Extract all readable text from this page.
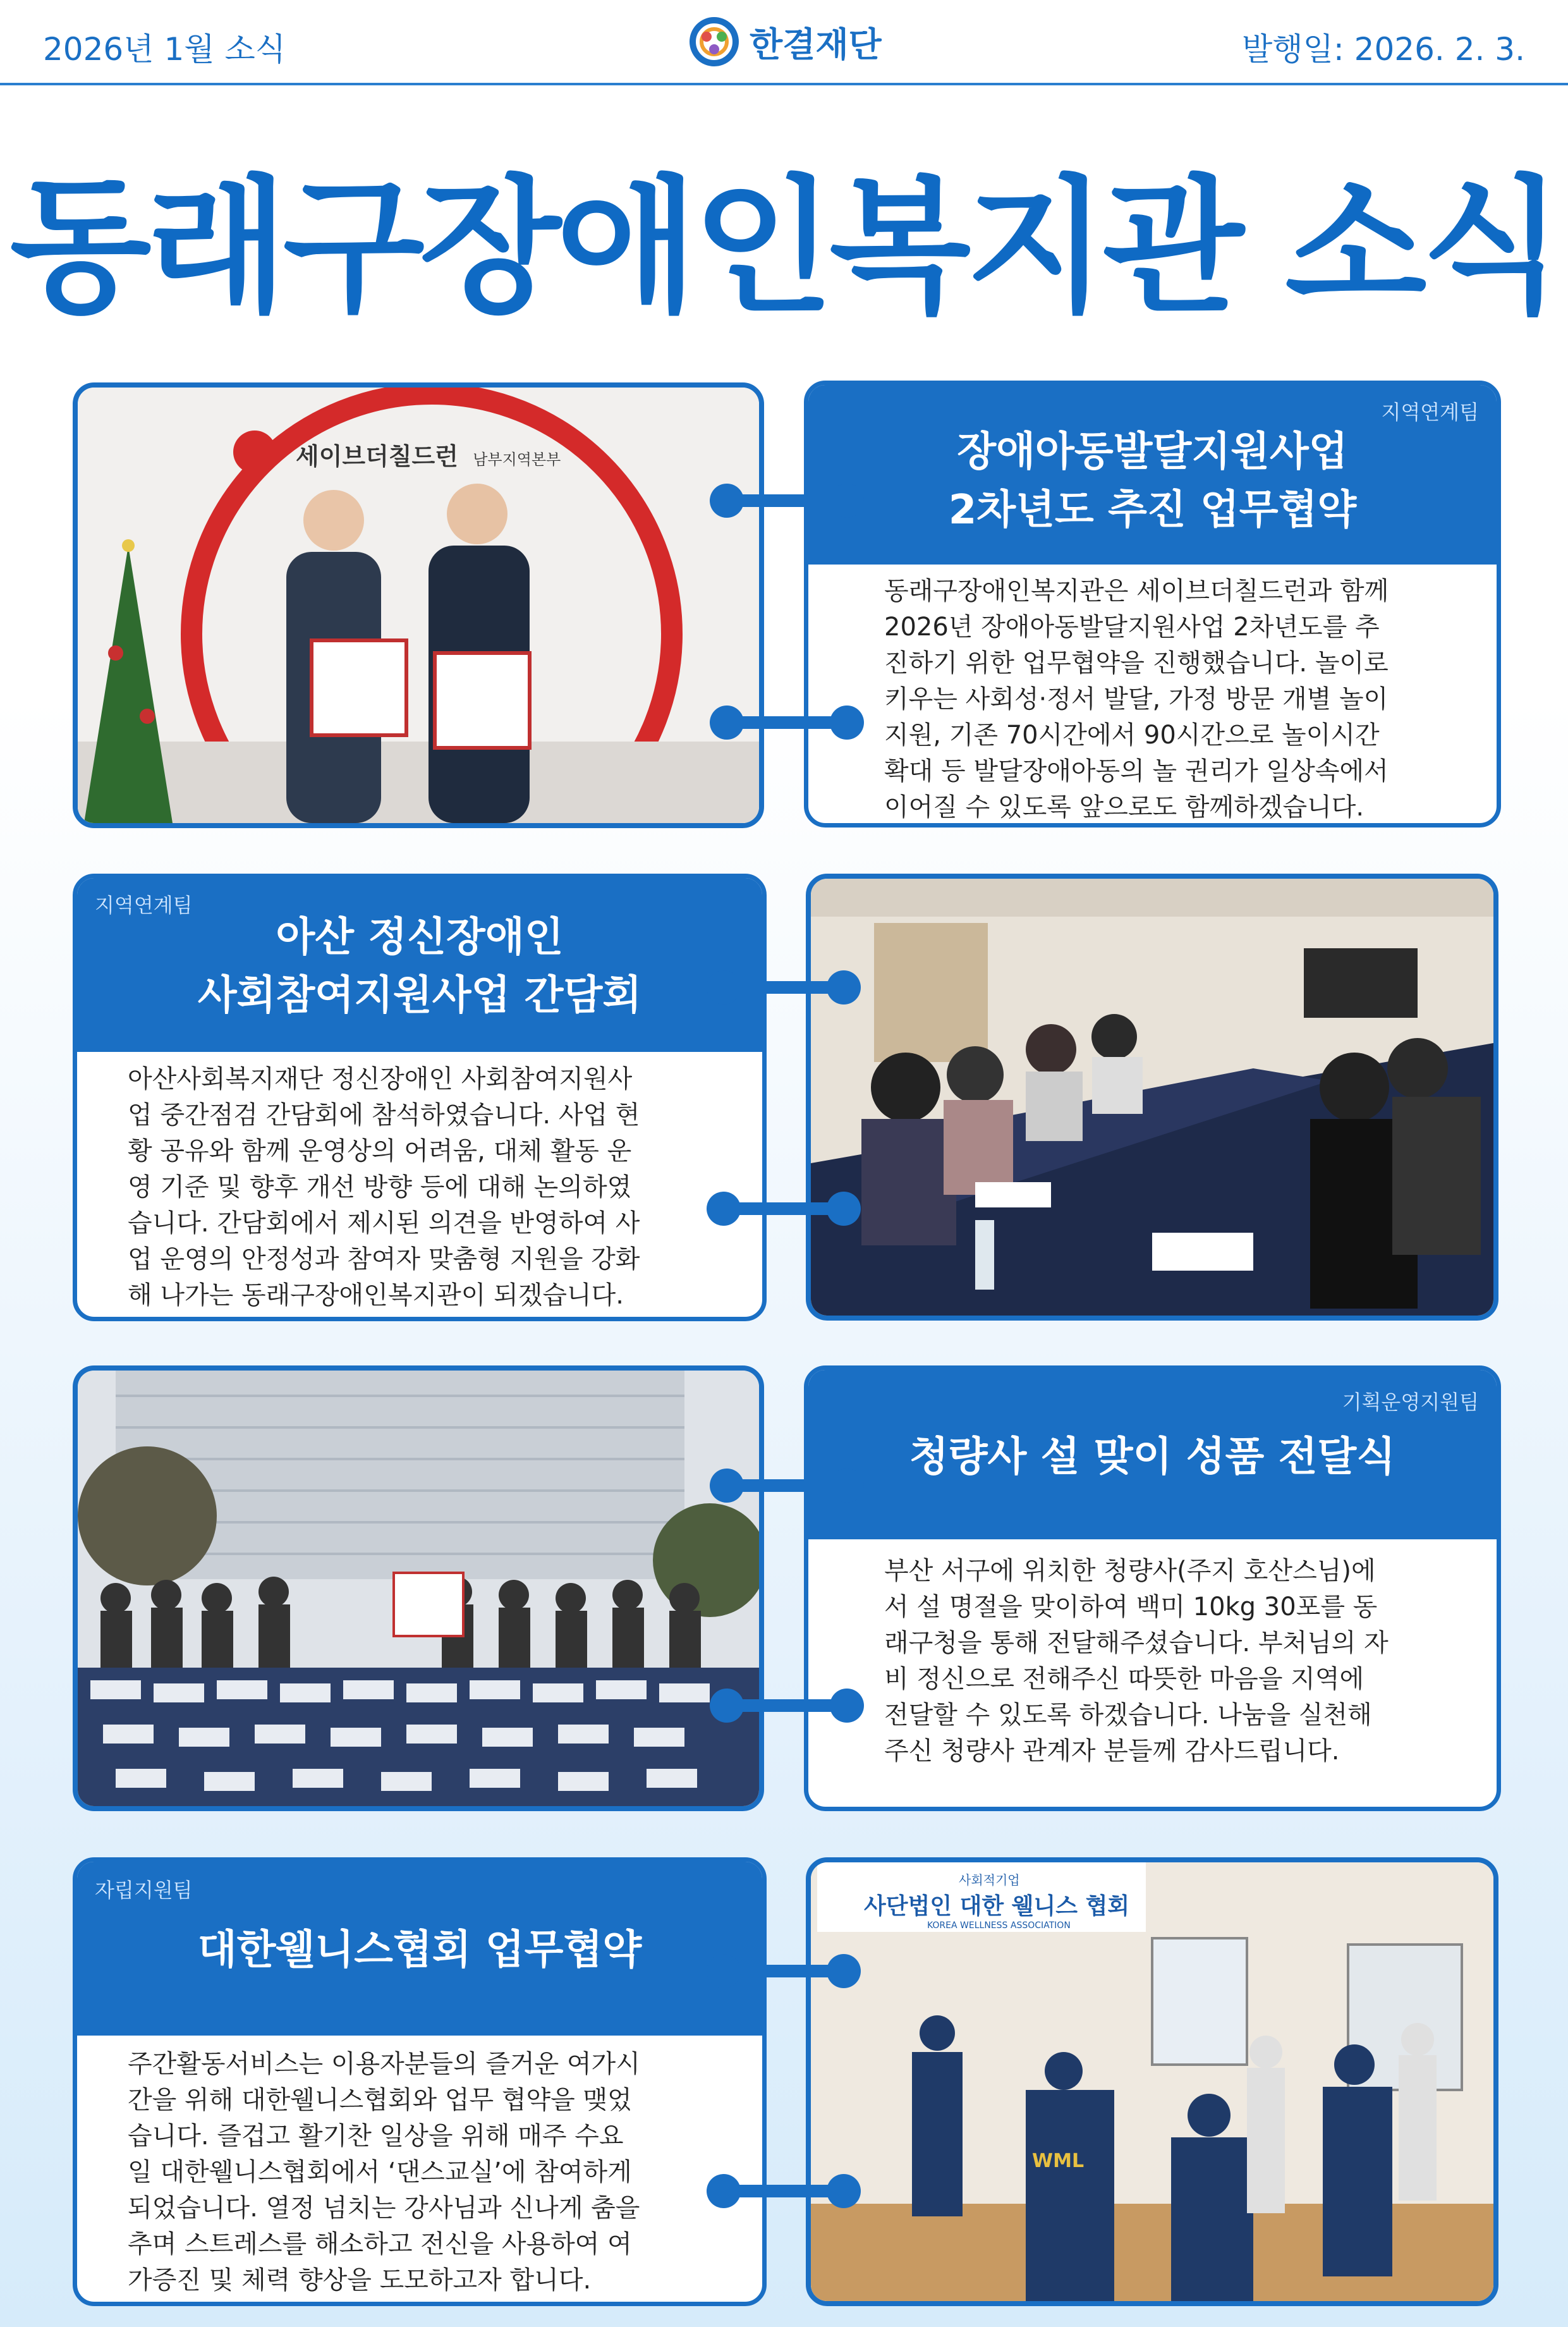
2026년 1월 소식	한결재단	발행일: 2026. 2. 3.
동래구장애인복지관 소식
세이브더칠드런 남부지역본부
지역연계팀
장애아동발달지원사업
2차년도 추진 업무협약
동래구장애인복지관은 세이브더칠드런과 함께
2026년 장애아동발달지원사업 2차년도를 추
진하기 위한 업무협약을 진행했습니다. 놀이로
키우는 사회성·정서 발달, 가정 방문 개별 놀이
지원, 기존 70시간에서 90시간으로 놀이시간
확대 등 발달장애아동의 놀 권리가 일상속에서
이어질 수 있도록 앞으로도 함께하겠습니다.
지역연계팀
아산 정신장애인
사회참여지원사업 간담회
아산사회복지재단 정신장애인 사회참여지원사
업 중간점검 간담회에 참석하였습니다. 사업 현
황 공유와 함께 운영상의 어려움, 대체 활동 운
영 기준 및 향후 개선 방향 등에 대해 논의하였
습니다. 간담회에서 제시된 의견을 반영하여 사
업 운영의 안정성과 참여자 맞춤형 지원을 강화
해 나가는 동래구장애인복지관이 되겠습니다.
기획운영지원팀
청량사 설 맞이 성품 전달식
부산 서구에 위치한 청량사(주지 호산스님)에
서 설 명절을 맞이하여 백미 10kg 30포를 동
래구청을 통해 전달해주셨습니다. 부처님의 자
비 정신으로 전해주신 따뜻한 마음을 지역에
전달할 수 있도록 하겠습니다. 나눔을 실천해
주신 청량사 관계자 분들께 감사드립니다.
자립지원팀
대한웰니스협회 업무협약
주간활동서비스는 이용자분들의 즐거운 여가시
간을 위해 대한웰니스협회와 업무 협약을 맺었
습니다. 즐겁고 활기찬 일상을 위해 매주 수요
일 대한웰니스협회에서 ‘댄스교실’에 참여하게
되었습니다. 열정 넘치는 강사님과 신나게 춤을
추며 스트레스를 해소하고 전신을 사용하여 여
가증진 및 체력 향상을 도모하고자 합니다.
사회적기업
사단법인 대한 웰니스 협회
KOREA WELLNESS ASSOCIATION
WML
